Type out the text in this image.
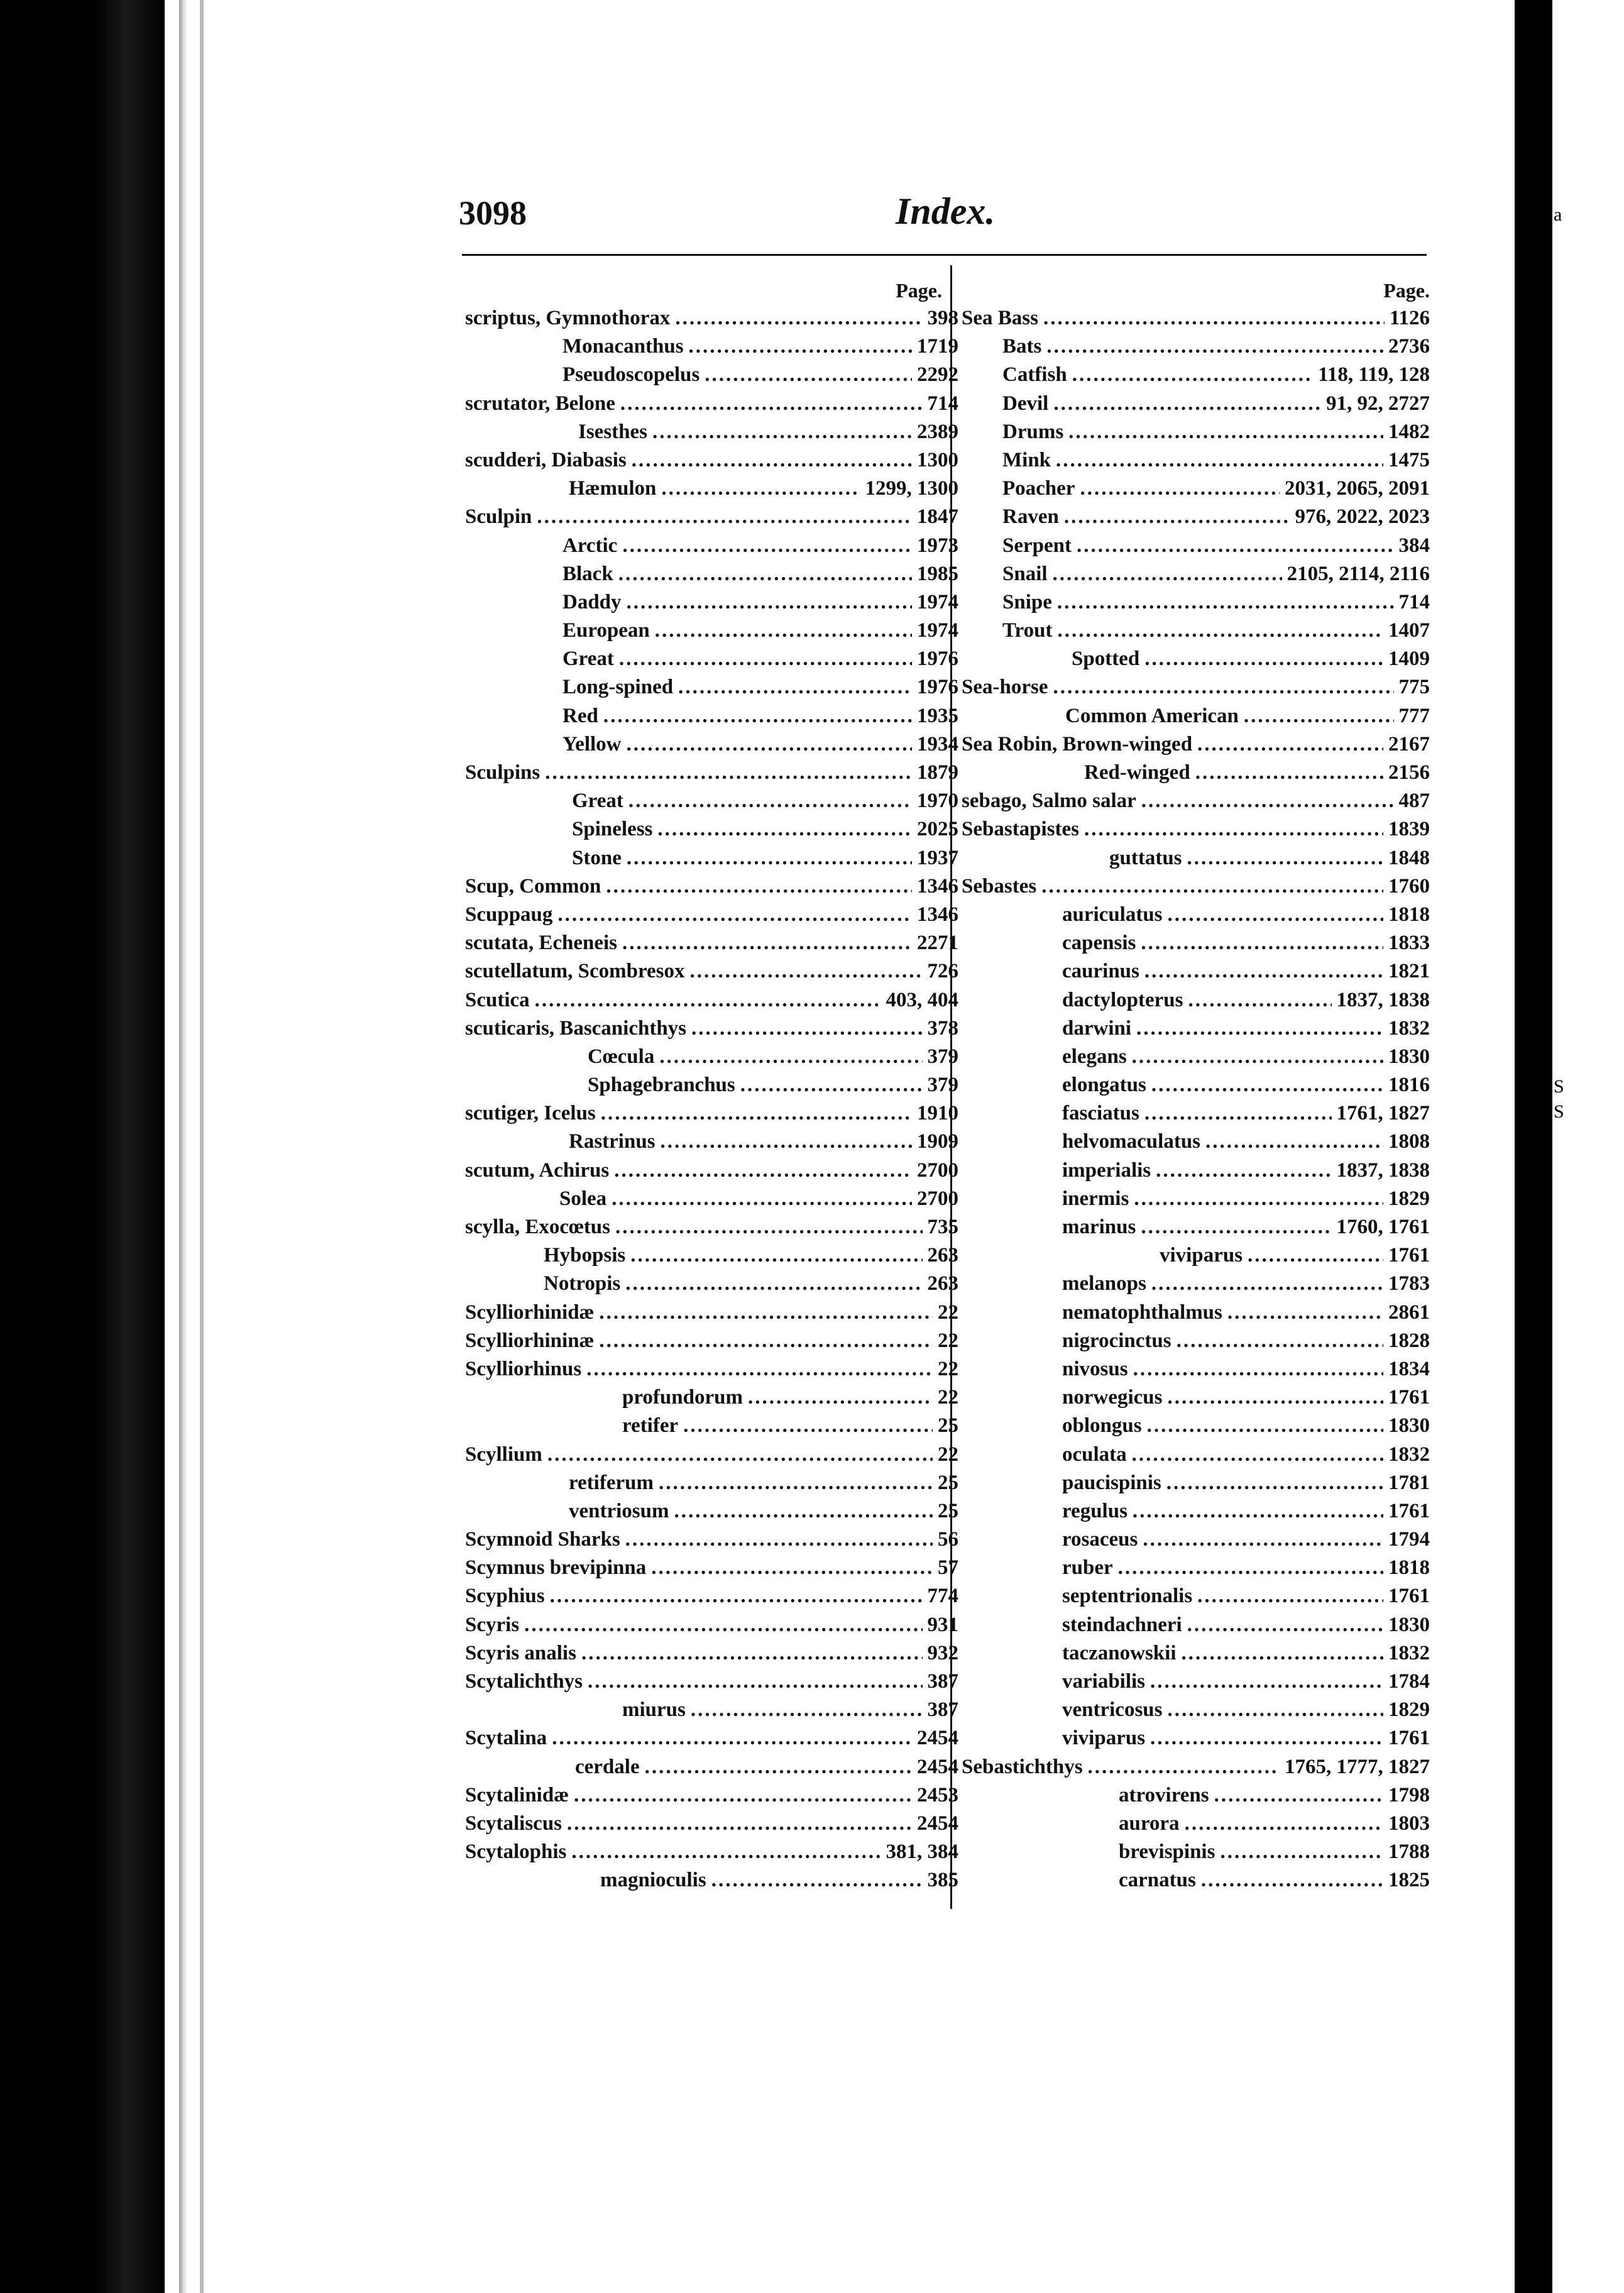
a
S
S
3098	Index.
Page.
scriptus, Gymnothorax .....	398
Monacanthus .....	1719
Pseudoscopelus .....	2292
scrutator, Belone .....	714
Isesthes .....	2389
scudderi, Diabasis .....	1300
Hæmulon .....	1299, 1300
Sculpin .....	1847
Arctic .....	1973
Black .....	1985
Daddy .....	1974
European .....	1974
Great .....	1976
Long-spined .....	1976
Red .....	1935
Yellow .....	1934
Sculpins .....	1879
Great .....	1970
Spineless .....	2025
Stone .....	1937
Scup, Common .....	1346
Scuppaug .....	1346
scutata, Echeneis .....	2271
scutellatum, Scombresox .....	726
Scutica .....	403, 404
scuticaris, Bascanichthys .....	378
Cœcula .....	379
Sphagebranchus .....	379
scutiger, Icelus .....	1910
Rastrinus .....	1909
scutum, Achirus .....	2700
Solea .....	2700
scylla, Exocœtus .....	735
Hybopsis .....	263
Notropis .....	263
Scylliorhinidæ .....	22
Scylliorhininæ .....	22
Scylliorhinus .....	22
profundorum .....	22
retifer .....	25
Scyllium .....	22
retiferum .....	25
ventriosum .....	25
Scymnoid Sharks .....	56
Scymnus brevipinna .....	57
Scyphius .....	774
Scyris .....	931
Scyris analis .....	932
Scytalichthys .....	387
miurus .....	387
Scytalina .....	2454
cerdale .....	2454
Scytalinidæ .....	2453
Scytaliscus .....	2454
Scytalophis .....	381, 384
magnioculis .....	385
Page.
Sea Bass .....	1126
Bats .....	2736
Catfish .....	118, 119, 128
Devil .....	91, 92, 2727
Drums .....	1482
Mink .....	1475
Poacher .....	2031, 2065, 2091
Raven .....	976, 2022, 2023
Serpent .....	384
Snail .....	2105, 2114, 2116
Snipe .....	714
Trout .....	1407
Spotted .....	1409
Sea-horse .....	775
Common American .....	777
Sea Robin, Brown-winged .....	2167
Red-winged .....	2156
sebago, Salmo salar .....	487
Sebastapistes .....	1839
guttatus .....	1848
Sebastes .....	1760
auriculatus .....	1818
capensis .....	1833
caurinus .....	1821
dactylopterus .....	1837, 1838
darwini .....	1832
elegans .....	1830
elongatus .....	1816
fasciatus .....	1761, 1827
helvomaculatus .....	1808
imperialis .....	1837, 1838
inermis .....	1829
marinus .....	1760, 1761
viviparus .....	1761
melanops .....	1783
nematophthalmus .....	2861
nigrocinctus .....	1828
nivosus .....	1834
norwegicus .....	1761
oblongus .....	1830
oculata .....	1832
paucispinis .....	1781
regulus .....	1761
rosaceus .....	1794
ruber .....	1818
septentrionalis .....	1761
steindachneri .....	1830
taczanowskii .....	1832
variabilis .....	1784
ventricosus .....	1829
viviparus .....	1761
Sebastichthys .....	1765, 1777, 1827
atrovirens .....	1798
aurora .....	1803
brevispinis .....	1788
carnatus .....	1825
